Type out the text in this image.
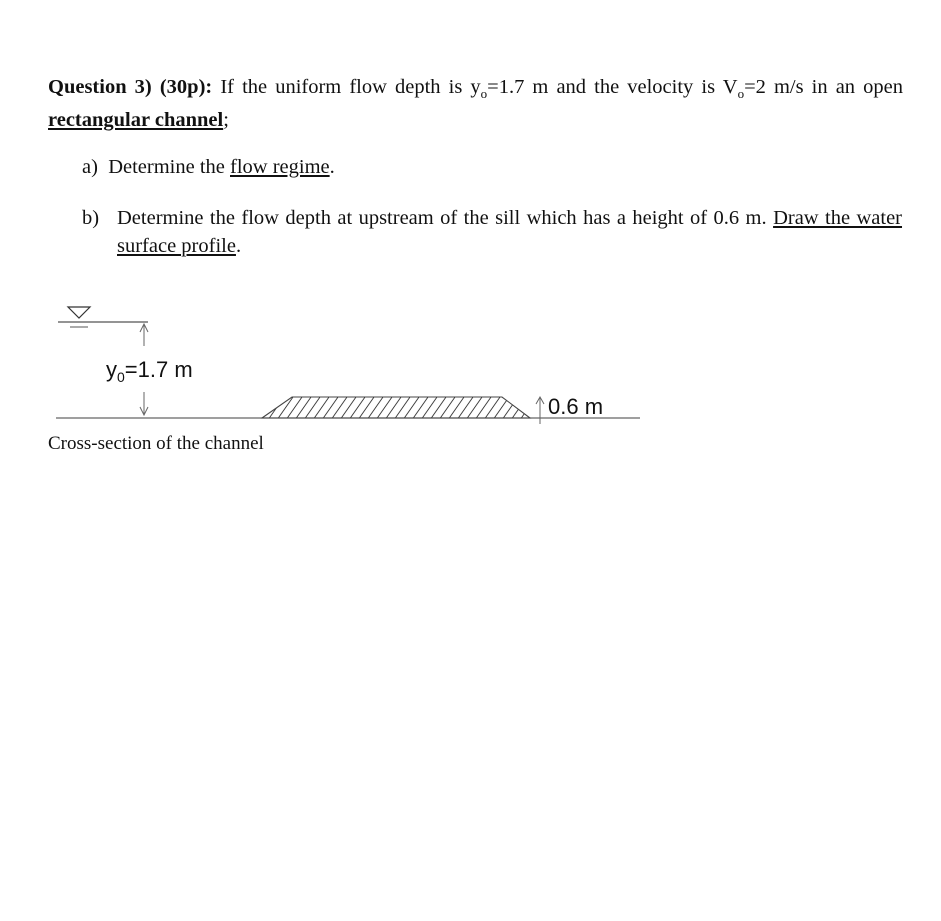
Question 3) (30p): If the uniform flow depth is $y_o=1.7$ m and the velocity is $V_o=2$ m/s in an open rectangular channel;
a) Determine the flow regime.
b) Determine the flow depth at upstream of the sill which has a height of 0.6 m. Draw the water surface profile.
$y_0=1.7$ m
0.6 m
Cross-section of the channel
